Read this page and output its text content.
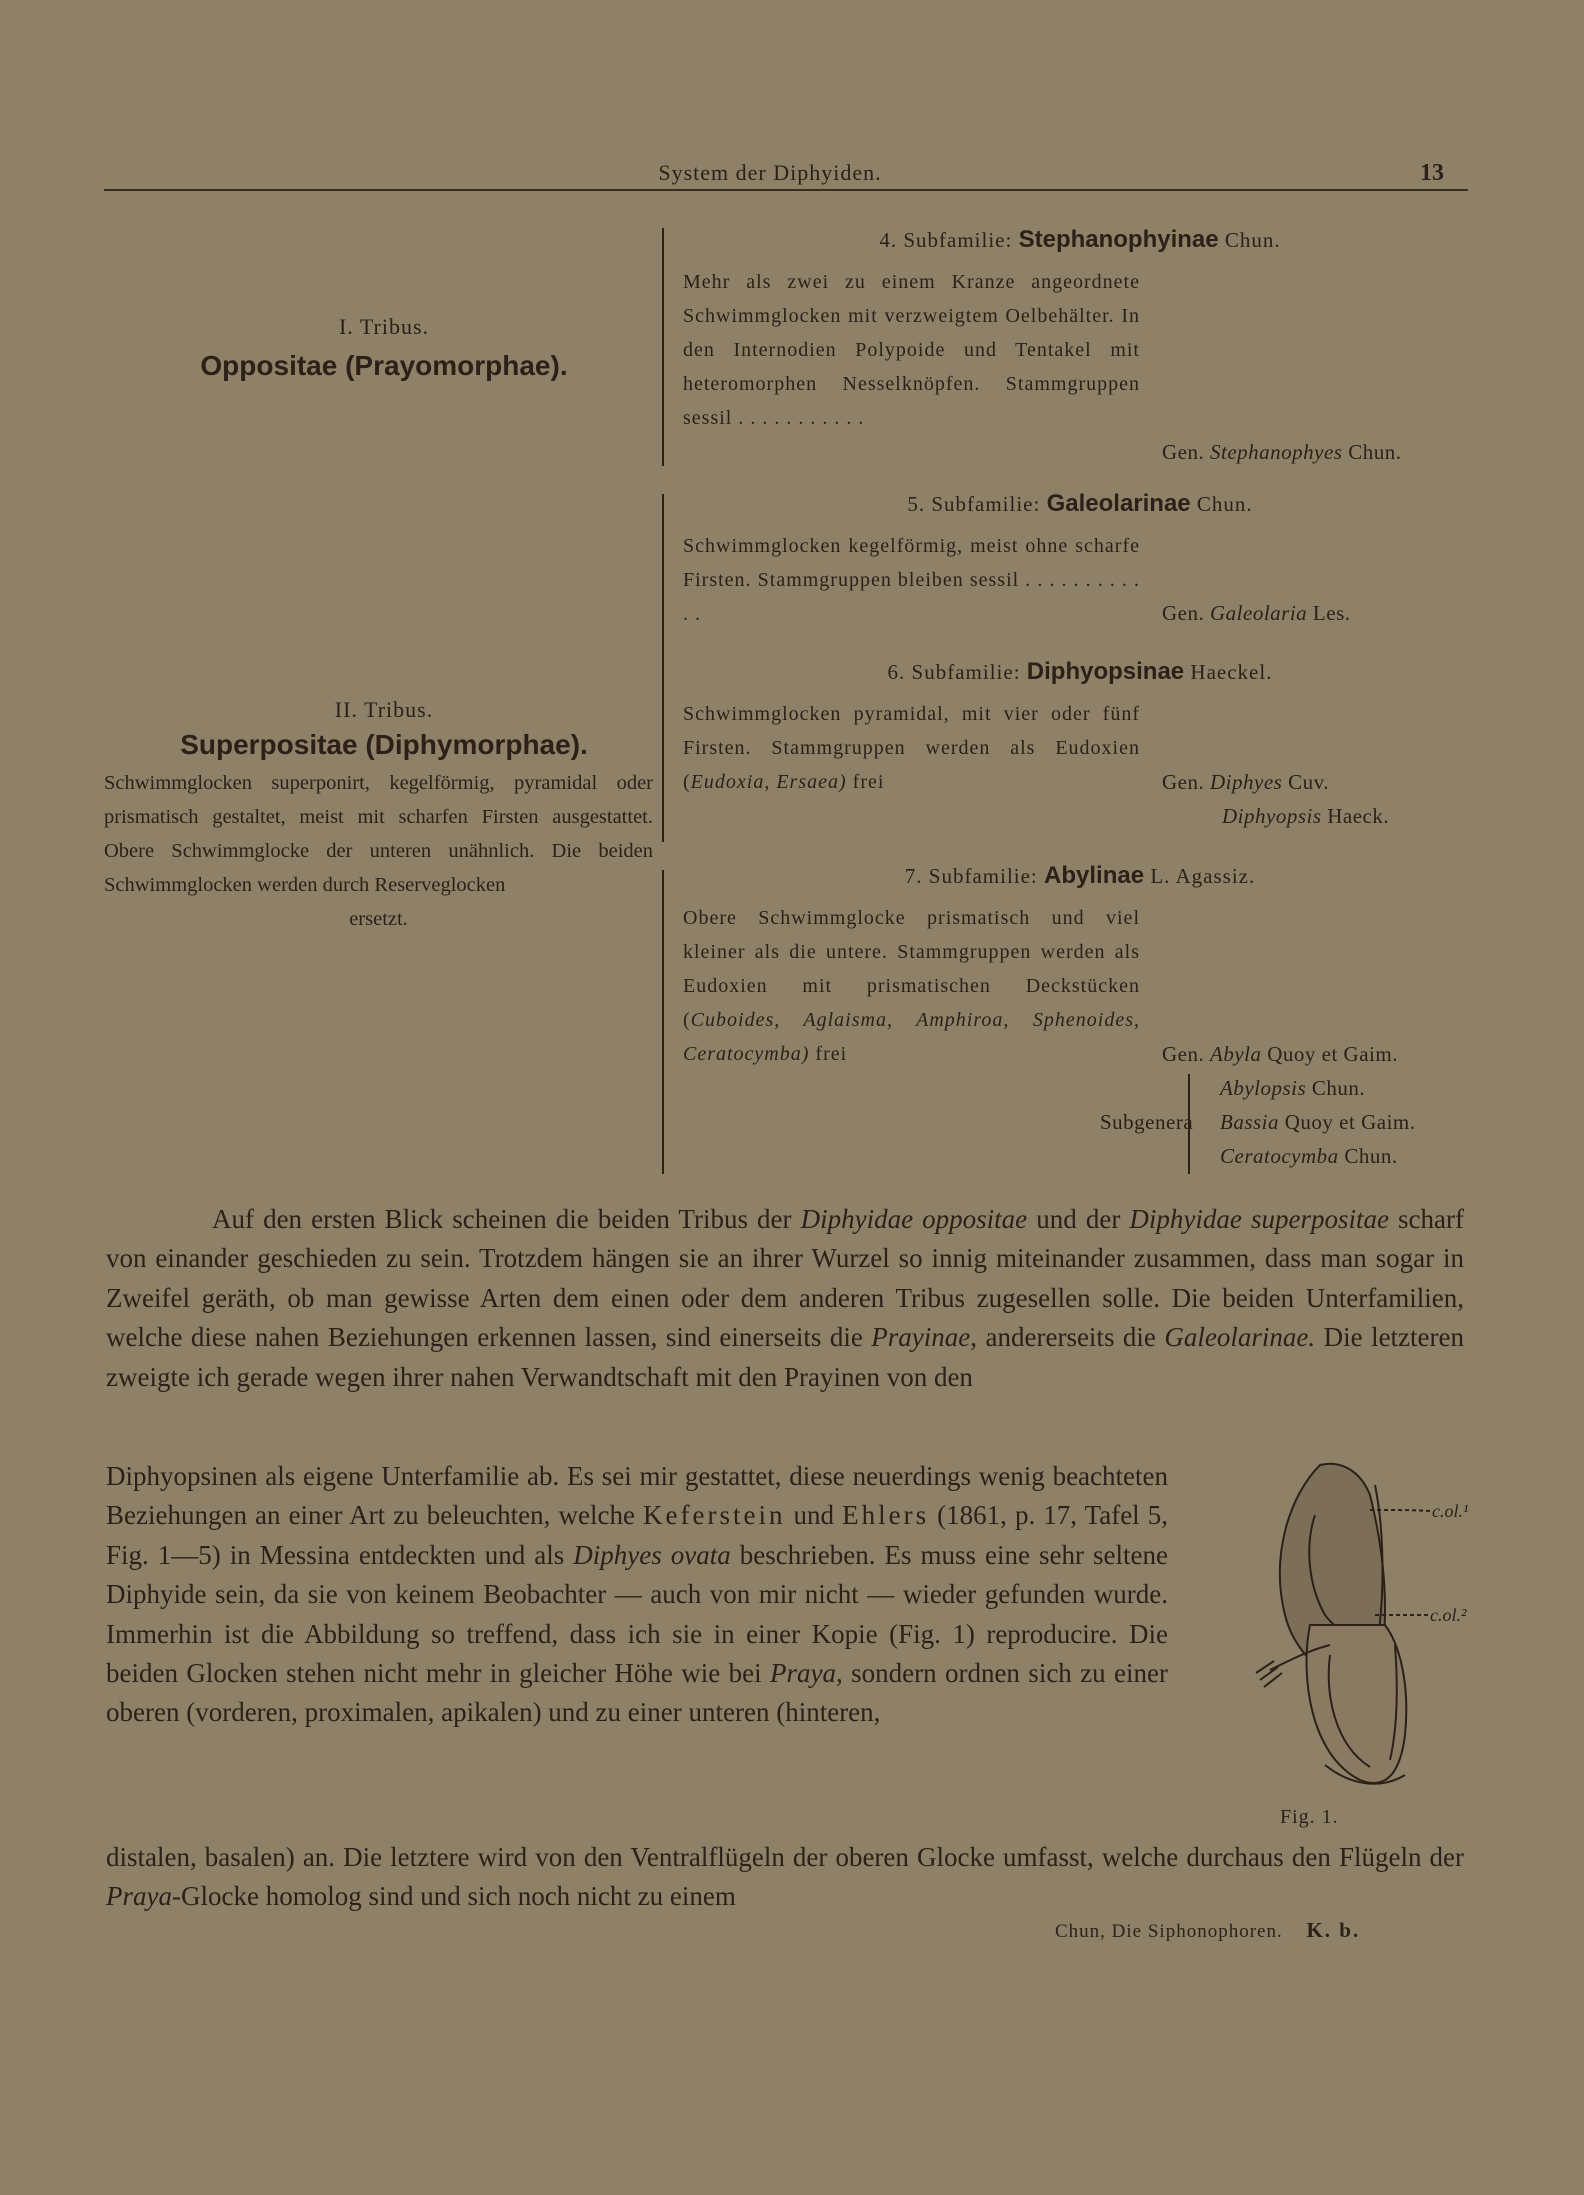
System der Diphyiden.	13
I. Tribus.
Oppositae (Prayomorphae).
II. Tribus.
Superpositae (Diphymorphae).
Schwimmglocken superponirt, kegelförmig, pyramidal oder prismatisch gestaltet, meist mit scharfen Firsten ausgestattet. Obere Schwimmglocke der unteren unähnlich. Die beiden Schwimmglocken werden durch Reserveglocken
ersetzt.
4. Subfamilie: Stephanophyinae Chun.
Mehr als zwei zu einem Kranze angeordnete Schwimmglocken mit verzweigtem Oelbehälter. In den Internodien Polypoide und Tentakel mit heteromorphen Nesselknöpfen. Stammgruppen sessil . . . . . . . . . . .
Gen. Stephanophyes Chun.
5. Subfamilie: Galeolarinae Chun.
Schwimmglocken kegelförmig, meist ohne scharfe Firsten. Stammgruppen bleiben sessil . . . . . . . . . . . .	Gen. Galeolaria Les.
6. Subfamilie: Diphyopsinae Haeckel.
Schwimmglocken pyramidal, mit vier oder fünf Firsten. Stammgruppen werden als Eudoxien (Eudoxia, Ersaea) frei	Gen. Diphyes Cuv.
Diphyopsis Haeck.
7. Subfamilie: Abylinae L. Agassiz.
Obere Schwimmglocke prismatisch und viel kleiner als die untere. Stammgruppen werden als Eudoxien mit prismatischen Deckstücken (Cuboides, Aglaisma, Amphiroa, Sphenoides, Ceratocymba) frei	Gen. Abyla Quoy et Gaim.
Subgenera
Abylopsis Chun.
Bassia Quoy et Gaim.
Ceratocymba Chun.

Auf den ersten Blick scheinen die beiden Tribus der Diphyidae oppositae und der Diphyidae superpositae scharf von einander geschieden zu sein. Trotzdem hängen sie an ihrer Wurzel so innig miteinander zusammen, dass man sogar in Zweifel geräth, ob man gewisse Arten dem einen oder dem anderen Tribus zugesellen solle. Die beiden Unterfamilien, welche diese nahen Beziehungen erkennen lassen, sind einerseits die Prayinae, andererseits die Galeolarinae. Die letzteren zweigte ich gerade wegen ihrer nahen Verwandtschaft mit den Prayinen von den

Diphyopsinen als eigene Unterfamilie ab. Es sei mir gestattet, diese neuerdings wenig beachteten Beziehungen an einer Art zu beleuchten, welche Keferstein und Ehlers (1861, p. 17, Tafel 5, Fig. 1—5) in Messina entdeckten und als Diphyes ovata beschrieben. Es muss eine sehr seltene Diphyide sein, da sie von keinem Beobachter — auch von mir nicht — wieder gefunden wurde. Immerhin ist die Abbildung so treffend, dass ich sie in einer Kopie (Fig. 1) reproducire. Die beiden Glocken stehen nicht mehr in gleicher Höhe wie bei Praya, sondern ordnen sich zu einer oberen (vorderen, proximalen, apikalen) und zu einer unteren (hinteren,

distalen, basalen) an. Die letztere wird von den Ventralflügeln der oberen Glocke umfasst, welche durchaus den Flügeln der Praya-Glocke homolog sind und sich noch nicht zu einem

c.ol.¹
c.ol.²
Fig. 1.
Chun, Die Siphonophoren. K. b.
